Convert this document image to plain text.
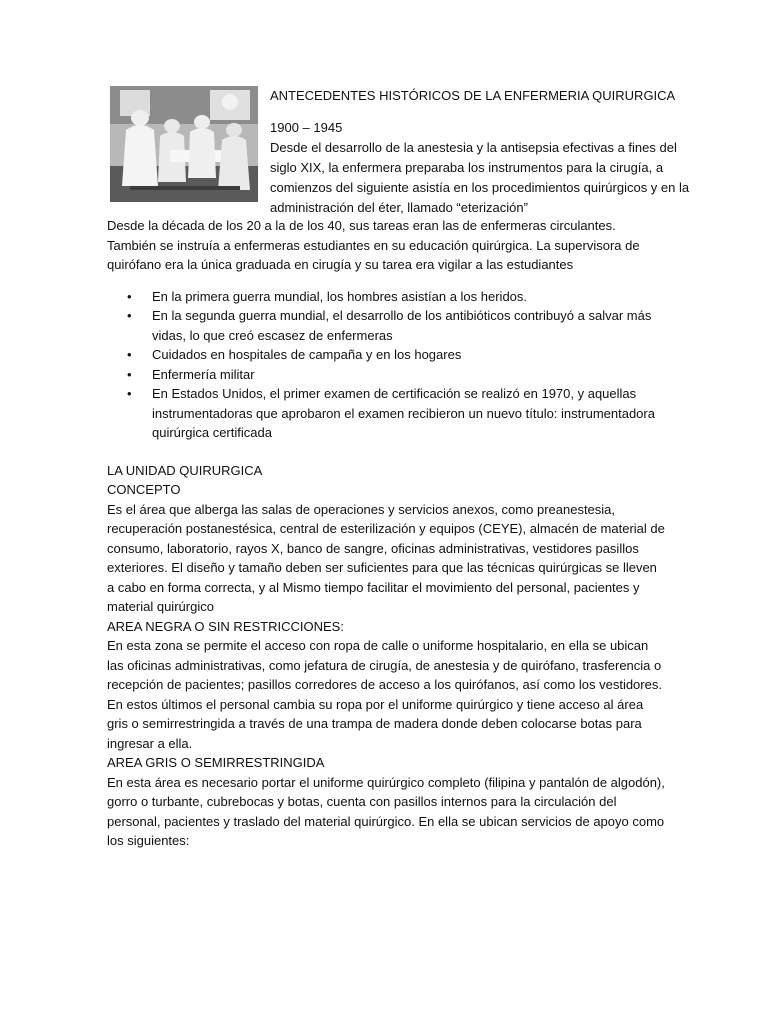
ANTECEDENTES HISTÓRICOS DE LA ENFERMERIA QUIRURGICA

1900 – 1945

Desde el desarrollo de la anestesia y la antisepsia efectivas a fines del siglo XIX, la enfermera preparaba los instrumentos para la cirugía, a comienzos del siguiente asistía en los procedimientos quirúrgicos y en la administración del éter, llamado “eterización”

Desde la década de los 20 a la de los 40, sus tareas eran las de enfermeras circulantes. También se instruía a enfermeras estudiantes en su educación quirúrgica. La supervisora de quirófano era la única graduada en cirugía y su tarea era vigilar a las estudiantes

• En la primera guerra mundial, los hombres asistían a los heridos.
• En la segunda guerra mundial, el desarrollo de los antibióticos contribuyó a salvar más vidas, lo que creó escasez de enfermeras
• Cuidados en hospitales de campaña y en los hogares
• Enfermería militar
• En Estados Unidos, el primer examen de certificación se realizó en 1970, y aquellas instrumentadoras que aprobaron el examen recibieron un nuevo título: instrumentadora quirúrgica certificada

LA UNIDAD QUIRURGICA

CONCEPTO

Es el área que alberga las salas de operaciones y servicios anexos, como preanestesia, recuperación postanestésica, central de esterilización y equipos (CEYE), almacén de material de consumo, laboratorio, rayos X, banco de sangre, oficinas administrativas, vestidores pasillos exteriores. El diseño y tamaño deben ser suficientes para que las técnicas quirúrgicas se lleven a cabo en forma correcta, y al Mismo tiempo facilitar el movimiento del personal, pacientes y material quirúrgico

AREA NEGRA O SIN RESTRICCIONES:

En esta zona se permite el acceso con ropa de calle o uniforme hospitalario, en ella se ubican las oficinas administrativas, como jefatura de cirugía, de anestesia y de quirófano, trasferencia o recepción de pacientes; pasillos corredores de acceso a los quirófanos, así como los vestidores.

En estos últimos el personal cambia su ropa por el uniforme quirúrgico y tiene acceso al área gris o semirrestringida a través de una trampa de madera donde deben colocarse botas para ingresar a ella.

AREA GRIS O SEMIRRESTRINGIDA

En esta área es necesario portar el uniforme quirúrgico completo (filipina y pantalón de algodón), gorro o turbante, cubrebocas y botas, cuenta con pasillos internos para la circulación del personal, pacientes y traslado del material quirúrgico. En ella se ubican servicios de apoyo como los siguientes:
